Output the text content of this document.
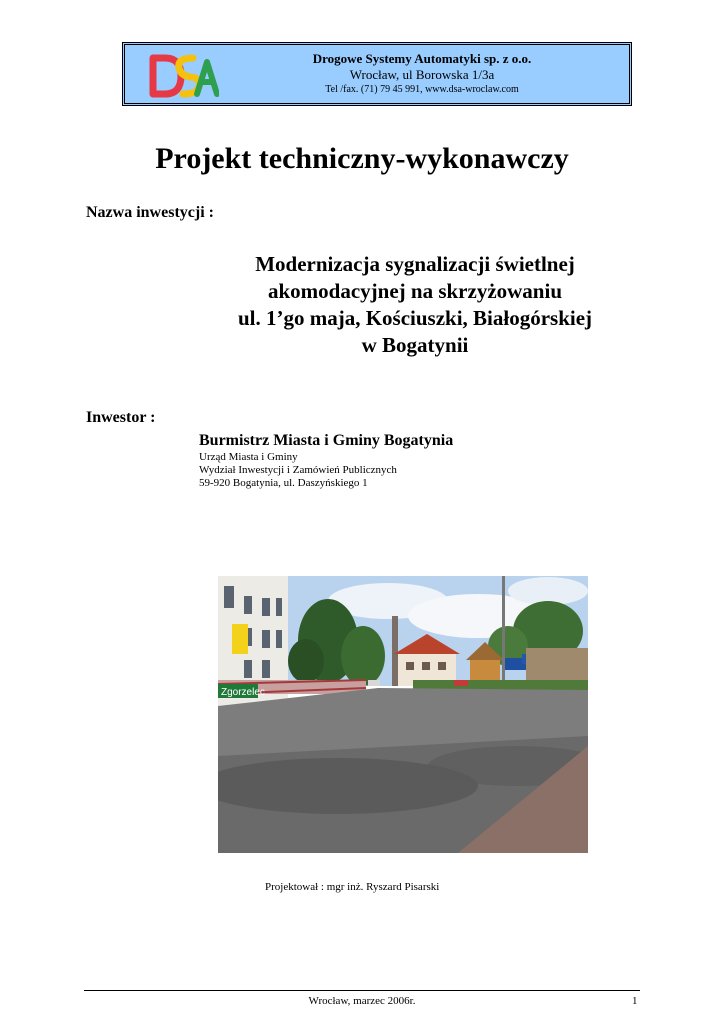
Drogowe Systemy Automatyki sp. z o.o.
Wrocław, ul Borowska 1/3a
Tel /fax. (71) 79 45 991, www.dsa-wroclaw.com
Projekt techniczny-wykonawczy
Nazwa inwestycji :
Modernizacja sygnalizacji świetlnej
akomodacyjnej na skrzyżowaniu
ul. 1’go maja, Kościuszki, Białogórskiej
w Bogatynii
Inwestor :
Burmistrz Miasta i Gminy Bogatynia
Urząd Miasta i Gminy
Wydział Inwestycji i Zamówień Publicznych
59-920 Bogatynia, ul. Daszyńskiego 1
Zgorzelec
Projektował : mgr inż. Ryszard Pisarski
Wrocław, marzec 2006r.	1
